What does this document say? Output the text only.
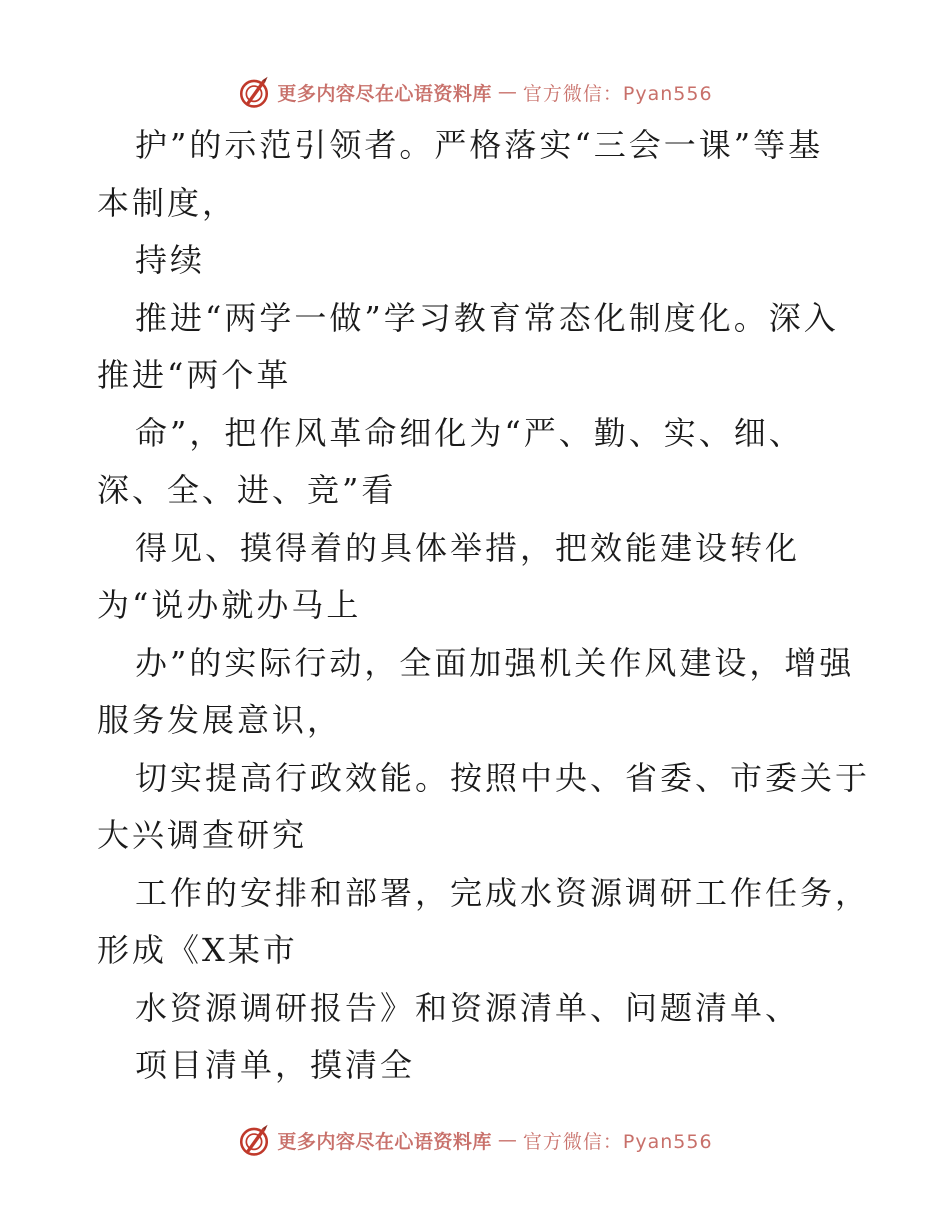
更多内容尽在心语资料库 — 官方微信：Pyan556
护”的示范引领者。严格落实“三会一课”等基
本制度，
持续
推进“两学一做”学习教育常态化制度化。深入
推进“两个革
命”，把作风革命细化为“严、勤、实、细、
深、全、进、竞”看
得见、摸得着的具体举措，把效能建设转化
为“说办就办马上
办”的实际行动，全面加强机关作风建设，增强
服务发展意识，
切实提高行政效能。按照中央、省委、市委关于
大兴调查研究
工作的安排和部署，完成水资源调研工作任务，
形成《X某市
水资源调研报告》和资源清单、问题清单、
项目清单，摸清全
更多内容尽在心语资料库 — 官方微信：Pyan556
